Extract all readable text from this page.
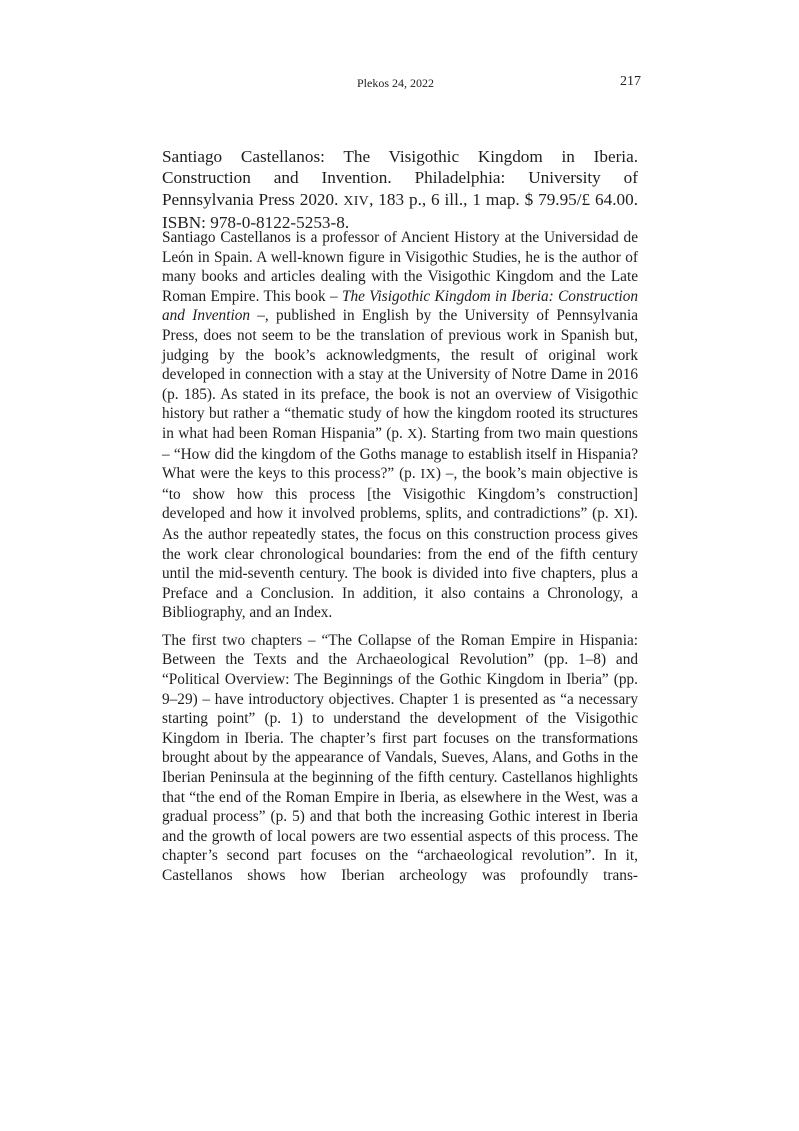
Plekos 24, 2022	217
Santiago Castellanos: The Visigothic Kingdom in Iberia. Construction and Invention. Philadelphia: University of Pennsylvania Press 2020. XIV, 183 p., 6 ill., 1 map. $ 79.95/£ 64.00. ISBN: 978-0-8122-5253-8.

Santiago Castellanos is a professor of Ancient History at the Universidad de León in Spain. A well-known figure in Visigothic Studies, he is the author of many books and articles dealing with the Visigothic Kingdom and the Late Roman Empire. This book – The Visigothic Kingdom in Iberia: Construction and Invention –, published in English by the University of Pennsylvania Press, does not seem to be the translation of previous work in Spanish but, judging by the book’s acknowledgments, the result of original work developed in connection with a stay at the University of Notre Dame in 2016 (p. 185). As stated in its preface, the book is not an overview of Visigothic history but rather a “thematic study of how the kingdom rooted its structures in what had been Roman Hispania” (p. X). Starting from two main questions – “How did the kingdom of the Goths manage to establish itself in Hispania? What were the keys to this process?” (p. IX) –, the book’s main objective is “to show how this process [the Visigothic Kingdom’s construction] developed and how it involved problems, splits, and contradictions” (p. XI). As the author repeatedly states, the focus on this construction process gives the work clear chronological boundaries: from the end of the fifth century until the mid-seventh century. The book is divided into five chapters, plus a Preface and a Conclusion. In addition, it also contains a Chronology, a Bibliography, and an Index.

The first two chapters – “The Collapse of the Roman Empire in Hispania: Between the Texts and the Archaeological Revolution” (pp. 1–8) and “Political Overview: The Beginnings of the Gothic Kingdom in Iberia” (pp. 9–29) – have introductory objectives. Chapter 1 is presented as “a necessary starting point” (p. 1) to understand the development of the Visigothic Kingdom in Iberia. The chapter’s first part focuses on the transformations brought about by the appearance of Vandals, Sueves, Alans, and Goths in the Iberian Peninsula at the beginning of the fifth century. Castellanos highlights that “the end of the Roman Empire in Iberia, as elsewhere in the West, was a gradual process” (p. 5) and that both the increasing Gothic interest in Iberia and the growth of local powers are two essential aspects of this process. The chapter’s second part focuses on the “archaeological revolution”. In it, Castellanos shows how Iberian archeology was profoundly trans-
